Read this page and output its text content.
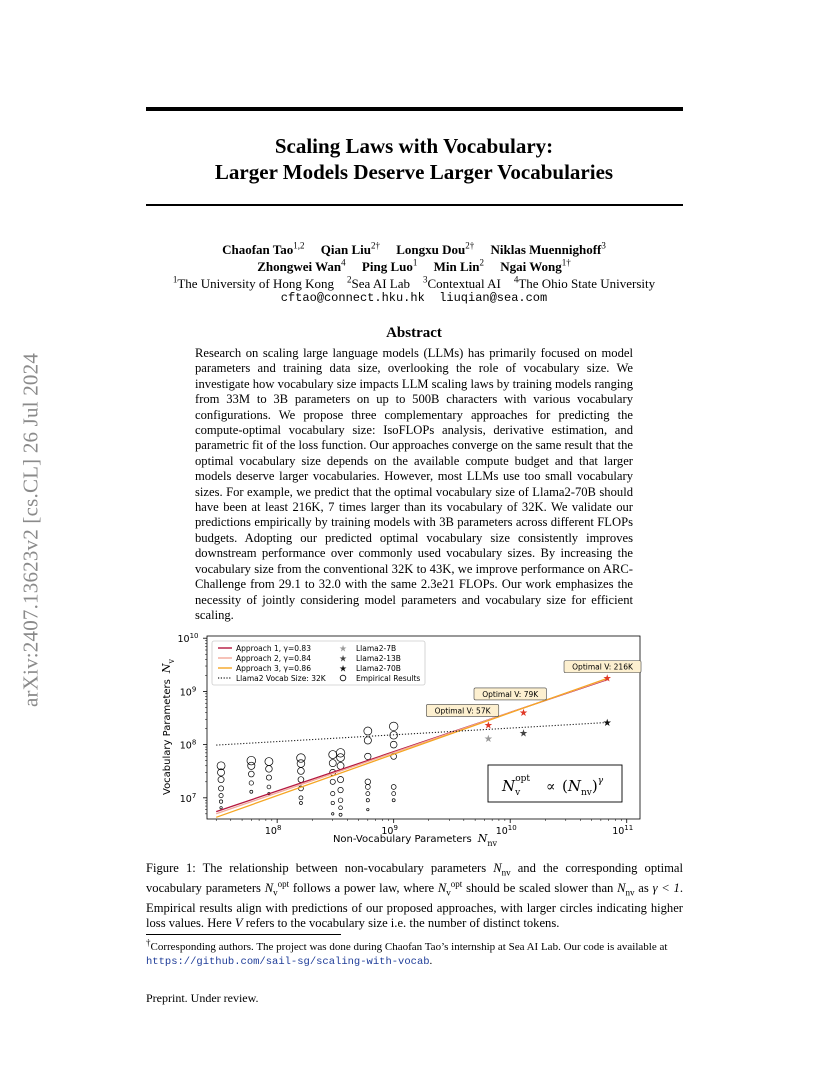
arXiv:2407.13623v2 [cs.CL] 26 Jul 2024
Scaling Laws with Vocabulary:
Larger Models Deserve Larger Vocabularies
Chaofan Tao$^{1,2}$ Qian Liu$^{2\dagger}$ Longxu Dou$^{2\dagger}$ Niklas Muennighoff$^3$
Zhongwei Wan$^4$ Ping Luo$^1$ Min Lin$^2$ Ngai Wong$^{1\dagger}$
$^1$The University of Hong Kong $^2$Sea AI Lab $^3$Contextual AI $^4$The Ohio State University
cftao@connect.hku.hk  liuqian@sea.com
Abstract
Research on scaling large language models (LLMs) has primarily focused on model parameters and training data size, overlooking the role of vocabulary size. We investigate how vocabulary size impacts LLM scaling laws by training models ranging from 33M to 3B parameters on up to 500B characters with various vocabulary configurations. We propose three complementary approaches for predicting the compute-optimal vocabulary size: IsoFLOPs analysis, derivative estimation, and parametric fit of the loss function. Our approaches converge on the same result that the optimal vocabulary size depends on the available compute budget and that larger models deserve larger vocabularies. However, most LLMs use too small vocabulary sizes. For example, we predict that the optimal vocabulary size of Llama2-70B should have been at least 216K, 7 times larger than its vocabulary of 32K. We validate our predictions empirically by training models with 3B parameters across different FLOPs budgets. Adopting our predicted optimal vocabulary size consistently improves downstream performance over commonly used vocabulary sizes. By increasing the vocabulary size from the conventional 32K to 43K, we improve performance on ARC-Challenge from 29.1 to 32.0 with the same 2.3e21 FLOPs. Our work emphasizes the necessity of jointly considering model parameters and vocabulary size for efficient scaling.
★	★
★
★
★
★
$10^8$	$10^9$	$10^{10}$	$10^{11}$
$10^7$
$10^8$
$10^9$
$10^{10}$
Optimal V: 57K
Optimal V: 79K
Optimal V: 216K
Approach 1, γ=0.83
Approach 2, γ=0.84
Approach 3, γ=0.86
Llama2 Vocab Size: 32K
★ Llama2-7B
★ Llama2-13B
★ Llama2-70B
Empirical Results
$N_vopt \propto (N_{nv})^\gamma$
Non-Vocabulary Parameters $N_{nv}$
Vocabulary ParametersN$_v$
Figure 1: The relationship between non-vocabulary parameters $N_{nv}$ and the corresponding optimal vocabulary parameters $N_v^{opt}$ follows a power law, where $N_v^{opt}$ should be scaled slower than $N_{nv}$ as γ < 1. Empirical results align with predictions of our proposed approaches, with larger circles indicating higher loss values. Here V refers to the vocabulary size i.e. the number of distinct tokens.
†Corresponding authors. The project was done during Chaofan Tao’s internship at Sea AI Lab. Our code is available at https://github.com/sail-sg/scaling-with-vocab.
Preprint. Under review.
